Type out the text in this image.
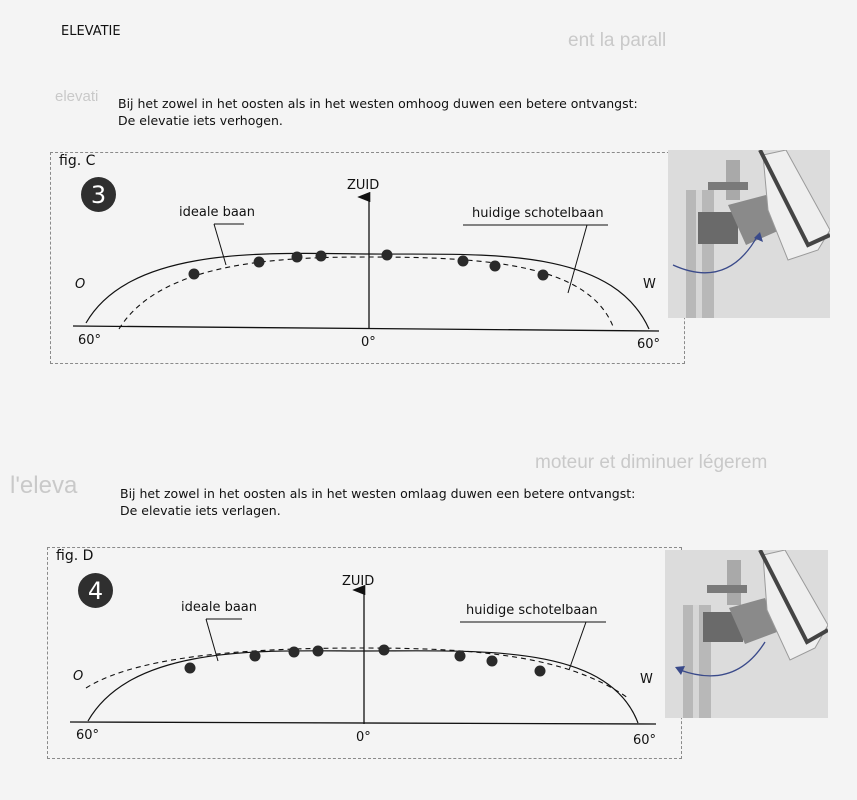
ent la parall
elevati
moteur et diminuer légerem
l'eleva
ELEVATIE
Bij het zowel in het oosten als in het westen omhoog duwen een betere ontvangst:
De elevatie iets verhogen.
fig. C
3	ZUID
ideale baan	huidige schotelbaan
O	W
60°	0°	60°
Bij het zowel in het oosten als in het westen omlaag duwen een betere ontvangst:
De elevatie iets verlagen.
fig. D
4	ZUID
ideale baan	huidige schotelbaan
O	W
60°	0°	60°
